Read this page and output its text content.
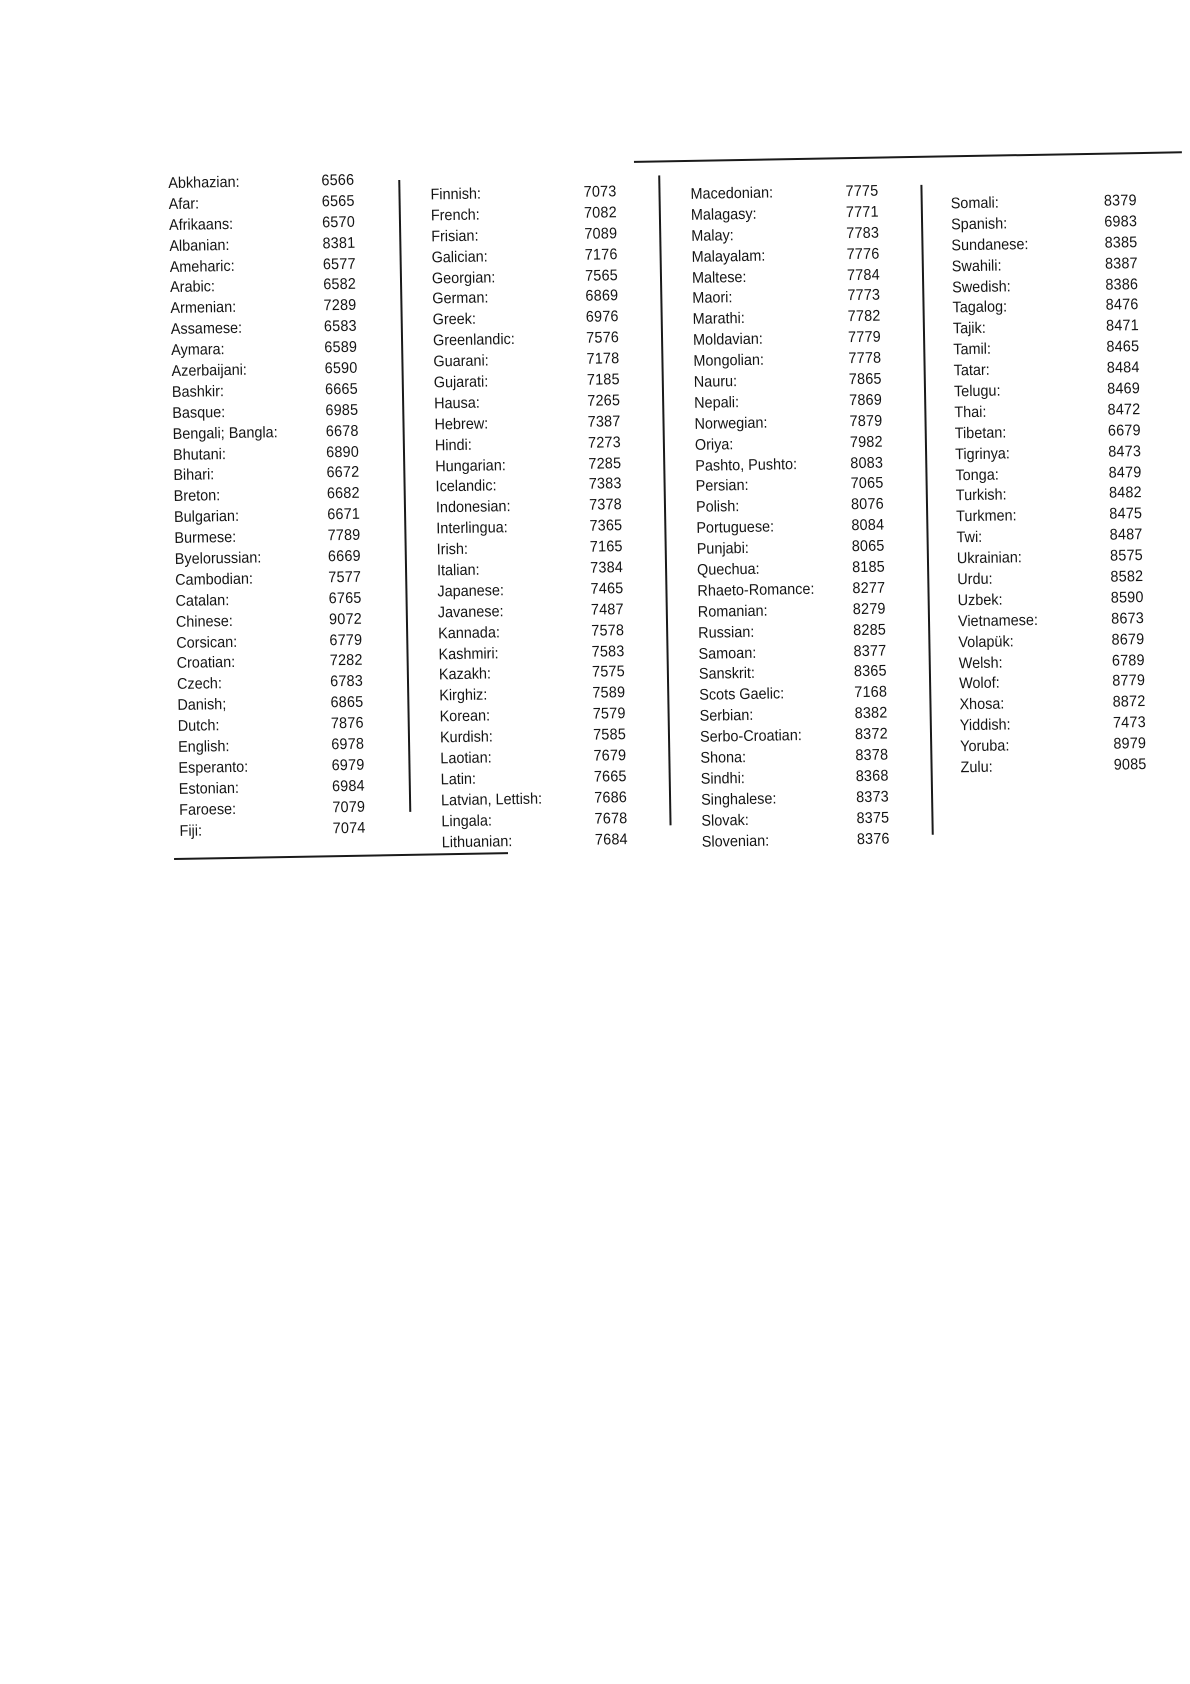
Abkhazian:	6566
Afar:	6565
Afrikaans:	6570
Albanian:	8381
Ameharic:	6577
Arabic:	6582
Armenian:	7289
Assamese:	6583
Aymara:	6589
Azerbaijani:	6590
Bashkir:	6665
Basque:	6985
Bengali; Bangla:	6678
Bhutani:	6890
Bihari:	6672
Breton:	6682
Bulgarian:	6671
Burmese:	7789
Byelorussian:	6669
Cambodian:	7577
Catalan:	6765
Chinese:	9072
Corsican:	6779
Croatian:	7282
Czech:	6783
Danish;	6865
Dutch:	7876
English:	6978
Esperanto:	6979
Estonian:	6984
Faroese:	7079
Fiji:	7074
Finnish:	7073
French:	7082
Frisian:	7089
Galician:	7176
Georgian:	7565
German:	6869
Greek:	6976
Greenlandic:	7576
Guarani:	7178
Gujarati:	7185
Hausa:	7265
Hebrew:	7387
Hindi:	7273
Hungarian:	7285
Icelandic:	7383
Indonesian:	7378
Interlingua:	7365
Irish:	7165
Italian:	7384
Japanese:	7465
Javanese:	7487
Kannada:	7578
Kashmiri:	7583
Kazakh:	7575
Kirghiz:	7589
Korean:	7579
Kurdish:	7585
Laotian:	7679
Latin:	7665
Latvian, Lettish:	7686
Lingala:	7678
Lithuanian:	7684
Macedonian:	7775
Malagasy:	7771
Malay:	7783
Malayalam:	7776
Maltese:	7784
Maori:	7773
Marathi:	7782
Moldavian:	7779
Mongolian:	7778
Nauru:	7865
Nepali:	7869
Norwegian:	7879
Oriya:	7982
Pashto, Pushto:	8083
Persian:	7065
Polish:	8076
Portuguese:	8084
Punjabi:	8065
Quechua:	8185
Rhaeto-Romance: 8277
Romanian:	8279
Russian:	8285
Samoan:	8377
Sanskrit:	8365
Scots Gaelic:	7168
Serbian:	8382
Serbo-Croatian:	8372
Shona:	8378
Sindhi:	8368
Singhalese:	8373
Slovak:	8375
Slovenian:	8376
Somali:	8379
Spanish:	6983
Sundanese:	8385
Swahili:	8387
Swedish:	8386
Tagalog:	8476
Tajik:	8471
Tamil:	8465
Tatar:	8484
Telugu:	8469
Thai:	8472
Tibetan:	6679
Tigrinya:	8473
Tonga:	8479
Turkish:	8482
Turkmen:	8475
Twi:	8487
Ukrainian:	8575
Urdu:	8582
Uzbek:	8590
Vietnamese:	8673
Volapük:	8679
Welsh:	6789
Wolof:	8779
Xhosa:	8872
Yiddish:	7473
Yoruba:	8979
Zulu:	9085
